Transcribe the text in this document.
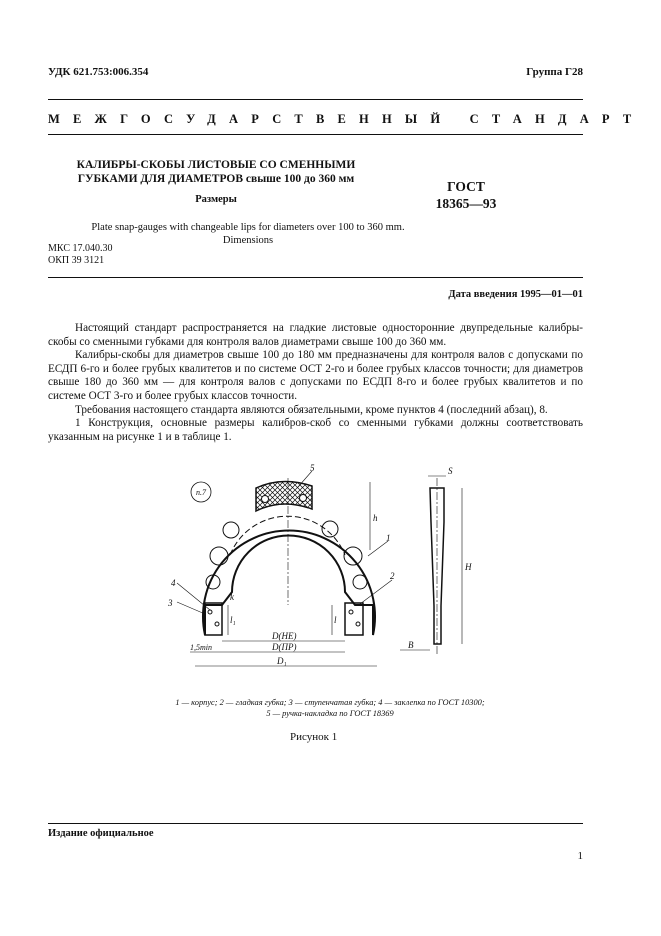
УДК 621.753:006.354	Группа Г28
МЕЖГОСУДАРСТВЕННЫЙ СТАНДАРТ
КАЛИБРЫ-СКОБЫ ЛИСТОВЫЕ СО СМЕННЫМИ
ГУБКАМИ ДЛЯ ДИАМЕТРОВ свыше 100 до 360 мм
Размеры
ГОСТ
18365—93
Plate snap-gauges with changeable lips for diameters over 100 to 360 mm.
Dimensions
МКС 17.040.30
ОКП 39 3121
Дата введения 1995—01—01

Настоящий стандарт распространяется на гладкие листовые односторонние двупредельные калибры-скобы со сменными губками для контроля валов диаметрами свыше 100 до 360 мм.

Калибры-скобы для диаметров свыше 100 до 180 мм предназначены для контроля валов с допусками по ЕСДП 6-го и более грубых квалитетов и по системе ОСТ 2-го и более грубых классов точности; для диаметров свыше 180 до 360 мм — для контроля валов с допусками по ЕСДП 8-го и более грубых квалитетов и по системе ОСТ 3-го и более грубых классов точности.

Требования настоящего стандарта являются обязательными, кроме пунктов 4 (последний абзац), 8.

1 Конструкция, основные размеры калибров-скоб со сменными губками должны соответствовать указанным на рисунке 1 и в таблице 1.

п.7
1
2
3
4
5
h
k
l₁	l
D(НЕ)
D(ПР)
D₁
1,5min
S
H
B
1 — корпус; 2 — гладкая губка; 3 — ступенчатая губка; 4 — заклепка по ГОСТ 10300;
5 — ручка-накладка по ГОСТ 18369
Рисунок 1
Издание официальное
1
